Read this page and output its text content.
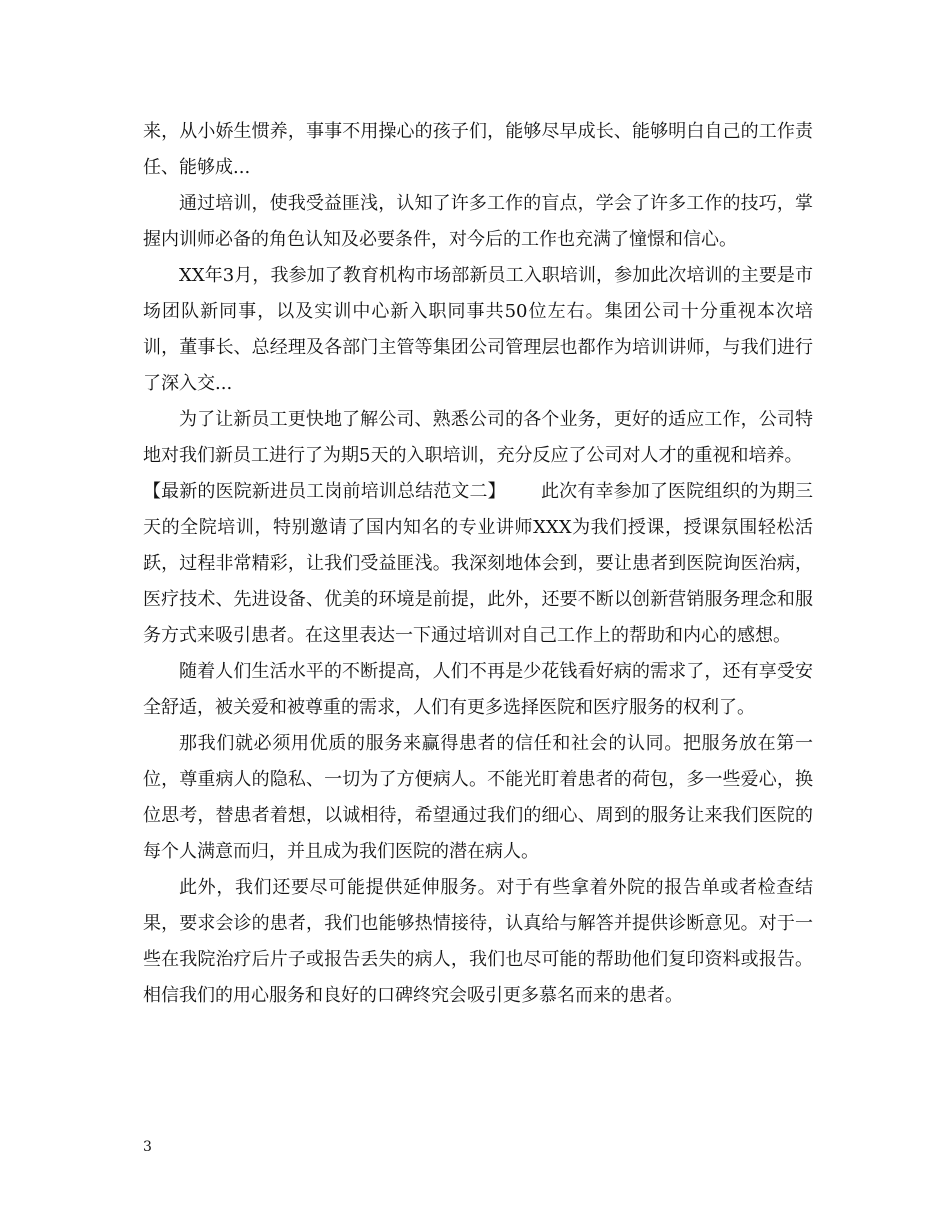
来，从小娇生惯养，事事不用操心的孩子们，能够尽早成长、能够明白自己的工作责任、能够成...

通过培训，使我受益匪浅，认知了许多工作的盲点，学会了许多工作的技巧，掌握内训师必备的角色认知及必要条件，对今后的工作也充满了憧憬和信心。

XX年3月，我参加了教育机构市场部新员工入职培训，参加此次培训的主要是市场团队新同事，以及实训中心新入职同事共50位左右。集团公司十分重视本次培训，董事长、总经理及各部门主管等集团公司管理层也都作为培训讲师，与我们进行了深入交...

为了让新员工更快地了解公司、熟悉公司的各个业务，更好的适应工作，公司特地对我们新员工进行了为期5天的入职培训，充分反应了公司对人才的重视和培养。

【最新的医院新进员工岗前培训总结范文二】 此次有幸参加了医院组织的为期三天的全院培训，特别邀请了国内知名的专业讲师XXX为我们授课，授课氛围轻松活跃，过程非常精彩，让我们受益匪浅。我深刻地体会到，要让患者到医院询医治病，医疗技术、先进设备、优美的环境是前提，此外，还要不断以创新营销服务理念和服务方式来吸引患者。在这里表达一下通过培训对自己工作上的帮助和内心的感想。

随着人们生活水平的不断提高，人们不再是少花钱看好病的需求了，还有享受安全舒适，被关爱和被尊重的需求，人们有更多选择医院和医疗服务的权利了。

那我们就必须用优质的服务来赢得患者的信任和社会的认同。把服务放在第一位，尊重病人的隐私、一切为了方便病人。不能光盯着患者的荷包，多一些爱心，换位思考，替患者着想，以诚相待，希望通过我们的细心、周到的服务让来我们医院的每个人满意而归，并且成为我们医院的潜在病人。

此外，我们还要尽可能提供延伸服务。对于有些拿着外院的报告单或者检查结果，要求会诊的患者，我们也能够热情接待，认真给与解答并提供诊断意见。对于一些在我院治疗后片子或报告丢失的病人，我们也尽可能的帮助他们复印资料或报告。相信我们的用心服务和良好的口碑终究会吸引更多慕名而来的患者。

3
